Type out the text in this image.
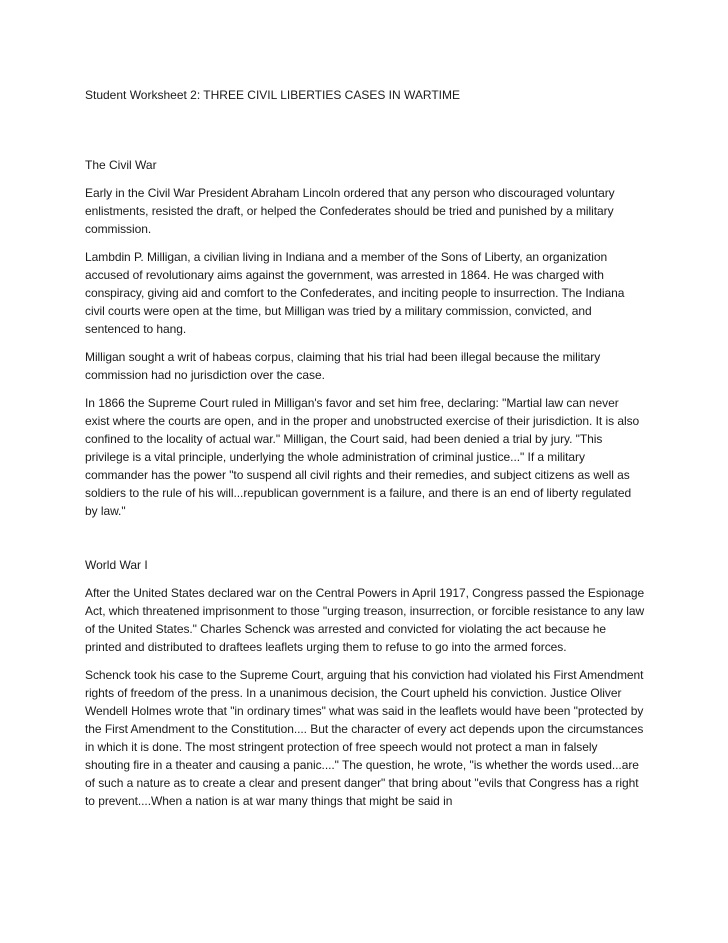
Student Worksheet 2: THREE CIVIL LIBERTIES CASES IN WARTIME

The Civil War

Early in the Civil War President Abraham Lincoln ordered that any person who discouraged voluntary enlistments, resisted the draft, or helped the Confederates should be tried and punished by a military commission.

Lambdin P. Milligan, a civilian living in Indiana and a member of the Sons of Liberty, an organization accused of revolutionary aims against the government, was arrested in 1864. He was charged with conspiracy, giving aid and comfort to the Confederates, and inciting people to insurrection. The Indiana civil courts were open at the time, but Milligan was tried by a military commission, convicted, and sentenced to hang.

Milligan sought a writ of habeas corpus, claiming that his trial had been illegal because the military commission had no jurisdiction over the case.

In 1866 the Supreme Court ruled in Milligan's favor and set him free, declaring: "Martial law can never exist where the courts are open, and in the proper and unobstructed exercise of their jurisdiction. It is also confined to the locality of actual war." Milligan, the Court said, had been denied a trial by jury. "This privilege is a vital principle, underlying the whole administration of criminal justice..." If a military commander has the power "to suspend all civil rights and their remedies, and subject citizens as well as soldiers to the rule of his will...republican government is a failure, and there is an end of liberty regulated by law."

World War I

After the United States declared war on the Central Powers in April 1917, Congress passed the Espionage Act, which threatened imprisonment to those "urging treason, insurrection, or forcible resistance to any law of the United States." Charles Schenck was arrested and convicted for violating the act because he printed and distributed to draftees leaflets urging them to refuse to go into the armed forces.

Schenck took his case to the Supreme Court, arguing that his conviction had violated his First Amendment rights of freedom of the press. In a unanimous decision, the Court upheld his conviction. Justice Oliver Wendell Holmes wrote that "in ordinary times" what was said in the leaflets would have been "protected by the First Amendment to the Constitution.... But the character of every act depends upon the circumstances in which it is done. The most stringent protection of free speech would not protect a man in falsely shouting fire in a theater and causing a panic...." The question, he wrote, "is whether the words used...are of such a nature as to create a clear and present danger" that bring about "evils that Congress has a right to prevent....When a nation is at war many things that might be said in
